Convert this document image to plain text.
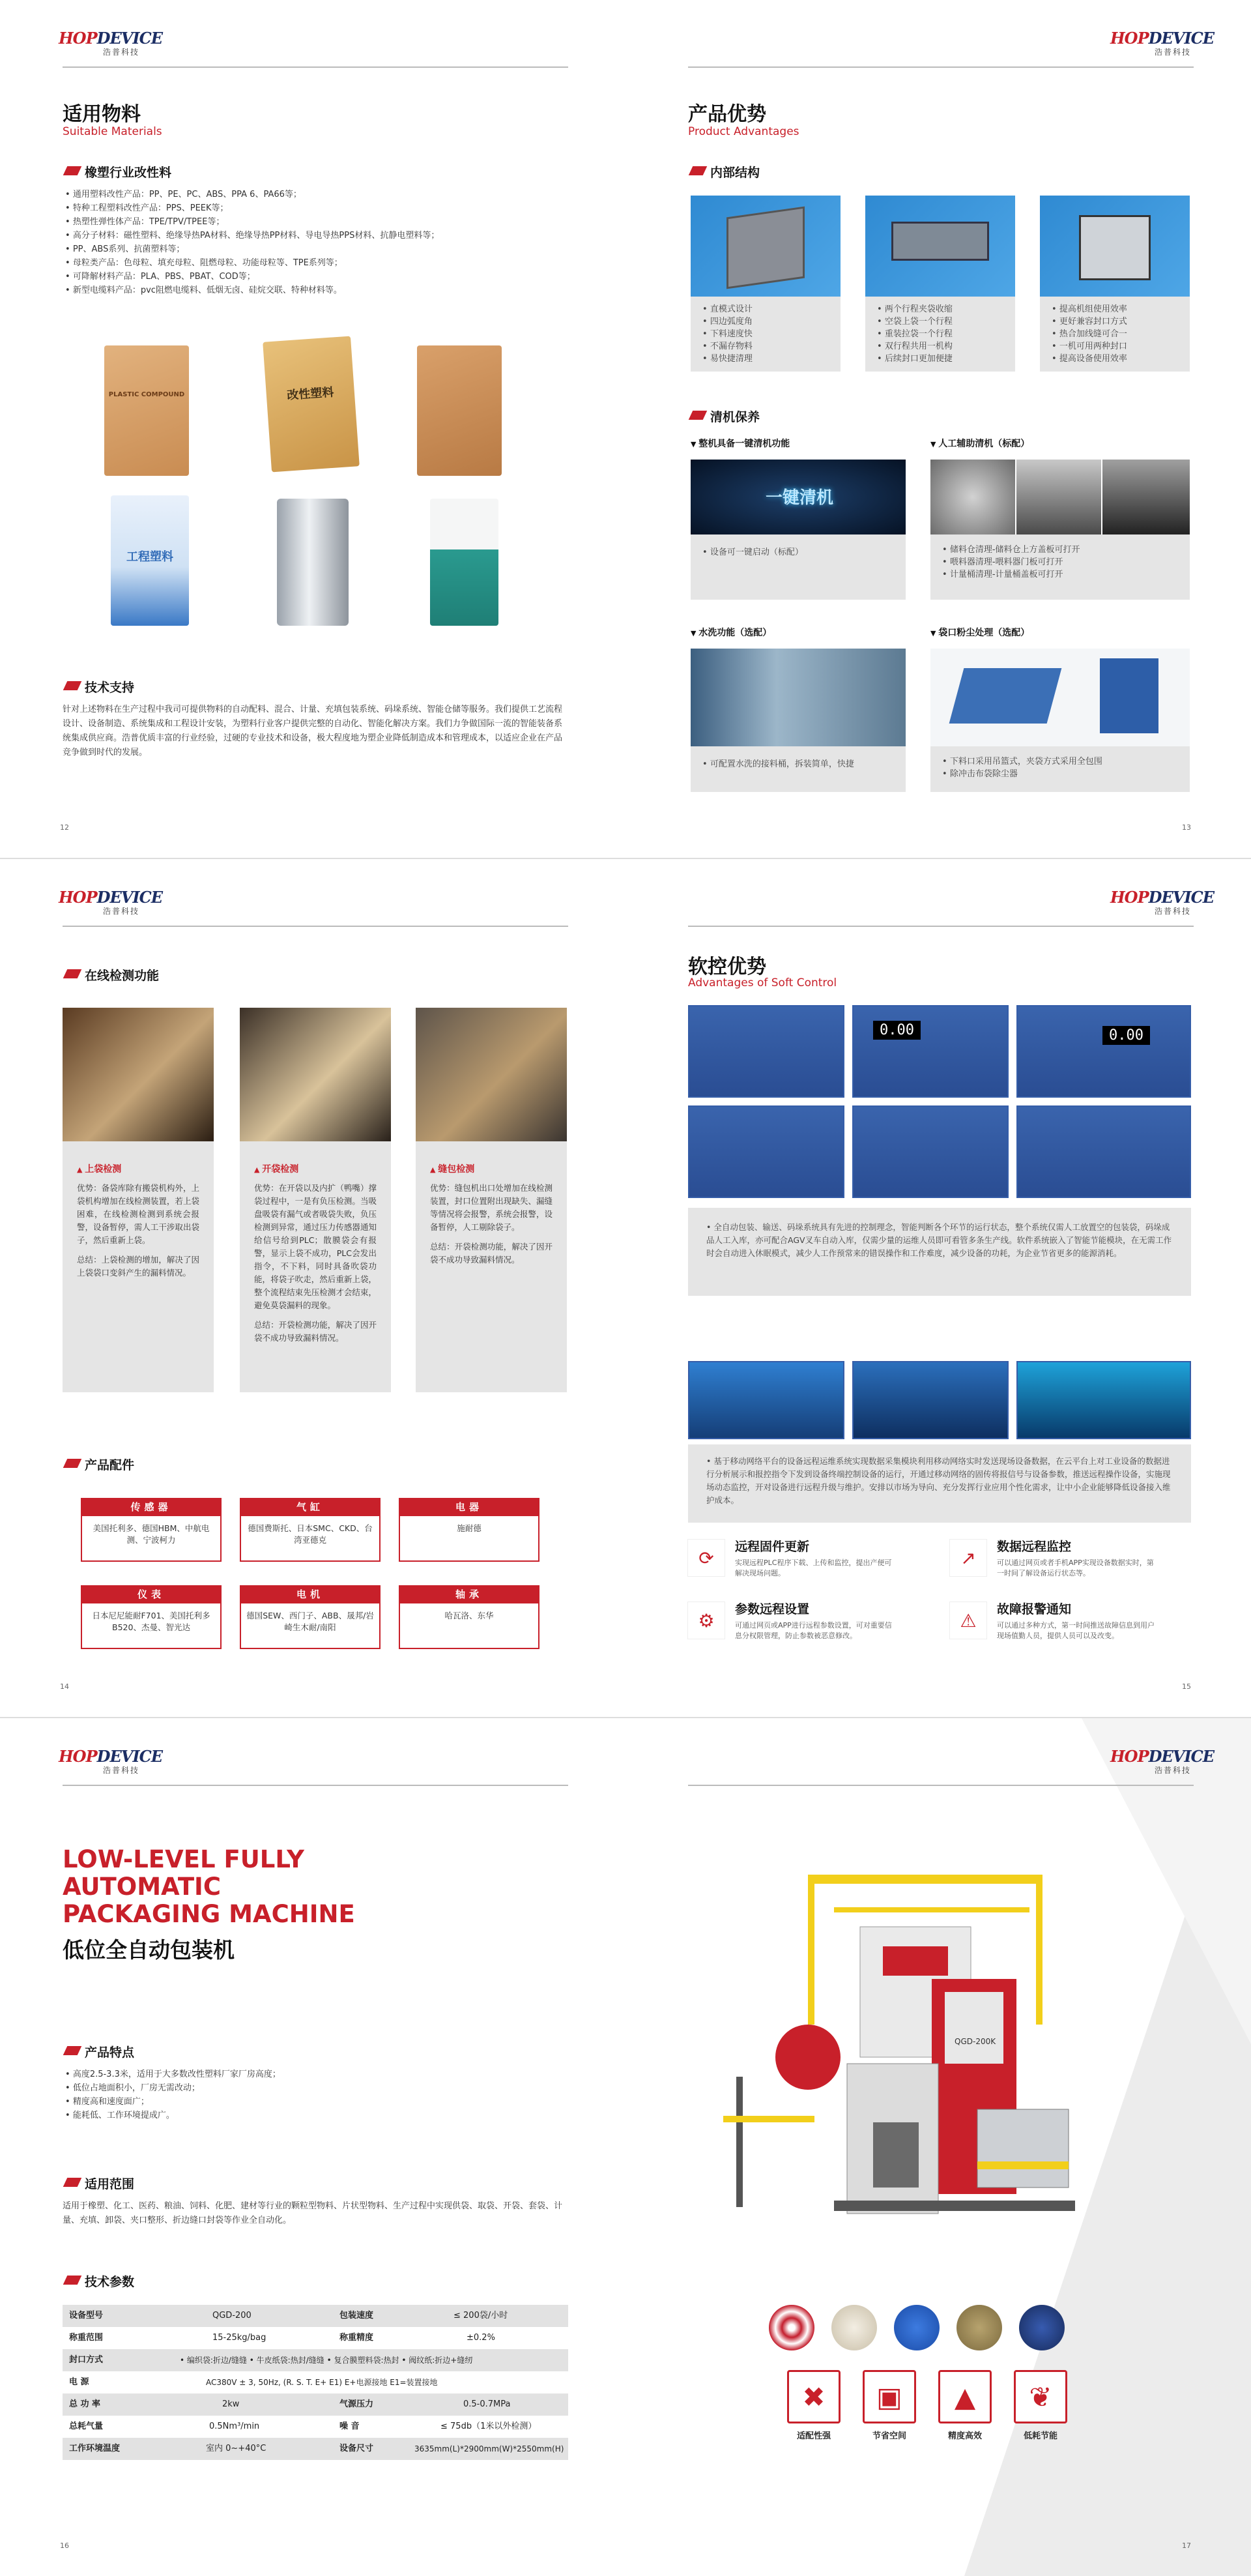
HOPDEVICE
浩普科技
适用物料
Suitable Materials
橡塑行业改性料
• 通用塑料改性产品：PP、PE、PC、ABS、PPA 6、PA66等；
• 特种工程塑料改性产品：PPS、PEEK等；
• 热塑性弹性体产品：TPE/TPV/TPEE等；
• 高分子材料：磁性塑料、绝缘导热PA材料、绝缘导热PP材料、导电导热PPS材料、抗静电塑料等；
• PP、ABS系列、抗菌塑料等；
• 母粒类产品：色母粒、填充母粒、阻燃母粒、功能母粒等、TPE系列等；
• 可降解材料产品：PLA、PBS、PBAT、COD等；
• 新型电缆料产品：pvc阻燃电缆料、低烟无卤、硅烷交联、特种材料等。
PLASTIC COMPOUND	改性塑料
工程塑料
技术支持
针对上述物料在生产过程中我司可提供物料的自动配料、混合、计量、充填包装系统、码垛系统、智能仓储等服务。我们提供工艺流程设计、设备制造、系统集成和工程设计安装，为塑料行业客户提供完整的自动化、智能化解决方案。我们力争做国际一流的智能装备系统集成供应商。浩普优质丰富的行业经验，过硬的专业技术和设备，极大程度地为塑企业降低制造成本和管理成本，以适应企业在产品竞争做到时代的发展。
12
HOPDEVICE
浩普科技
产品优势
Product Advantages
内部结构
• 直模式设计
• 四边弧度角
• 下料速度快
• 不漏存物料
• 易快捷清理
• 两个行程夹袋收缩
• 空袋上袋一个行程
• 重装拉袋一个行程
• 双行程共用一机构
• 后续封口更加便捷
• 提高机组使用效率
• 更好兼容封口方式
• 热合加线缝可合一
• 一机可用两种封口
• 提高设备使用效率
清机保养
▼ 整机具备一键清机功能
一键清机
• 设备可一键启动（标配）
▼ 人工辅助清机（标配）
• 储料仓清理-储料仓上方盖板可打开
• 喂料器清理-喂料器门板可打开
• 计量桶清理-计量桶盖板可打开
▼ 水洗功能（选配）
• 可配置水洗的接料桶，拆装简单，快捷
▼ 袋口粉尘处理（选配）
• 下料口采用吊篮式，夹袋方式采用全包围
• 除冲击布袋除尘器
13
HOPDEVICE
浩普科技
在线检测功能
▲ 上袋检测
优势：备袋库除有搬袋机构外，上袋机构增加在线检测装置，若上袋困难，在线检测检测到系统会报警，设备暂停，需人工干涉取出袋子，然后重新上袋。
总结：上袋检测的增加，解决了因上袋袋口变斜产生的漏料情况。
▲ 开袋检测
优势：在开袋以及内扩（鸭嘴）撑袋过程中，一是有负压检测。当吸盘吸袋有漏气或者吸袋失败，负压检测到异常，通过压力传感器通知给信号给到PLC；散膜袋会有报警，显示上袋不成功，PLC会发出指令，不下料，同时具备吹袋功能，将袋子吹走，然后重新上袋，整个流程结束先压检测才会结束，避免莫袋漏料的现象。
总结：开袋检测功能，解决了因开袋不成功导致漏料情况。
▲ 缝包检测
优势：缝包机出口处增加在线检测装置，封口位置附出现缺失、漏缝等情况将会报警，系统会报警，设备暂停，人工剔除袋子。
总结：开袋检测功能，解决了因开袋不成功导致漏料情况。
产品配件
传感器
美国托利多、德国HBM、中航电测、宁波柯力
气缸
德国费斯托、日本SMC、CKD、台湾亚德克
电器
施耐德
仪表
日本尼尼能耐F701、美国托利多B520、杰曼、智光达
电机
德国SEW、西门子、ABB、晟邦/岩崎生木耐/南阳
轴承
哈瓦洛、东华
14
HOPDEVICE
浩普科技
软控优势
Advantages of Soft Control
0.00	0.00
• 全自动包装、输送、码垛系统具有先进的控制理念，智能判断各个环节的运行状态，整个系统仅需人工放置空的包装袋，码垛成品人工入库，亦可配合AGV叉车自动入库，仅需少量的运维人员即可看管多条生产线。软件系统嵌入了智能节能模块，在无需工作时会自动进入休眠模式，减少人工作预常来的错误操作和工作难度，减少设备的功耗，为企业节省更多的能源消耗。
• 基于移动网络平台的设备远程运维系统实现数据采集模块利用移动网络实时发送现场设备数据，在云平台上对工业设备的数据进行分析展示和报控指令下发到设备终端控制设备的运行，开通过移动网络的固传将报信号与设备参数，推送远程操作设备，实施现场动态监控，开对设备进行远程升级与维护。安排以市场为导向、充分发挥行业应用个性化需求，让中小企业能够降低设备接入维护成本。
⟳
远程固件更新
实现远程PLC程序下载、上传和监控，提出产便可解决现场问题。
↗
数据远程监控
可以通过网页或者手机APP实现设备数据实时，第一时间了解设备运行状态等。
⚙
参数远程设置
可通过网页或APP进行远程参数设置，可对重要信息分权限管理，防止参数被恶意修改。
⚠
故障报警通知
可以通过多种方式，第一时间推送故障信息到用户现场值勤人员，提供人员可以及改变。
15
HOPDEVICE
浩普科技
LOW-LEVEL FULLY
AUTOMATIC
PACKAGING MACHINE
低位全自动包装机
产品特点
• 高度2.5-3.3米，适用于大多数改性塑料厂家厂房高度；
• 低位占地面积小，厂房无需改动；
• 精度高和速度面广；
• 能耗低、工作环境提成广。
适用范围
适用于橡塑、化工、医药、粮油、饲料、化肥、建材等行业的颗粒型物料、片状型物料、生产过程中实现供袋、取袋、开袋、套袋、计量、充填、卸袋、夹口整形、折边缝口封袋等作业全自动化。
技术参数
设备型号	QGD-200	包装速度	≤ 200袋/小时
称重范围	15-25kg/bag	称重精度	±0.2%
封口方式	• 编织袋:折边/缝缝 • 牛皮纸袋:热封/缝缝 • 复合膜塑料袋:热封 • 阀纹纸:折边+缝纫
电 源	AC380V ± 3, 50Hz, (R. S. T. E+ E1) E+电源接地 E1=装置接地
总 功 率	2kw	气源压力	0.5-0.7MPa
总耗气量	0.5Nm³/min	噪 音	≤ 75db（1米以外检测）
工作环境温度	室内 0~+40°C	设备尺寸	3635mm(L)*2900mm(W)*2550mm(H)
16
HOPDEVICE
浩普科技
QGD-200K
✖
适配性强
▣
节省空间
▲
精度高效
❦
低耗节能
17
